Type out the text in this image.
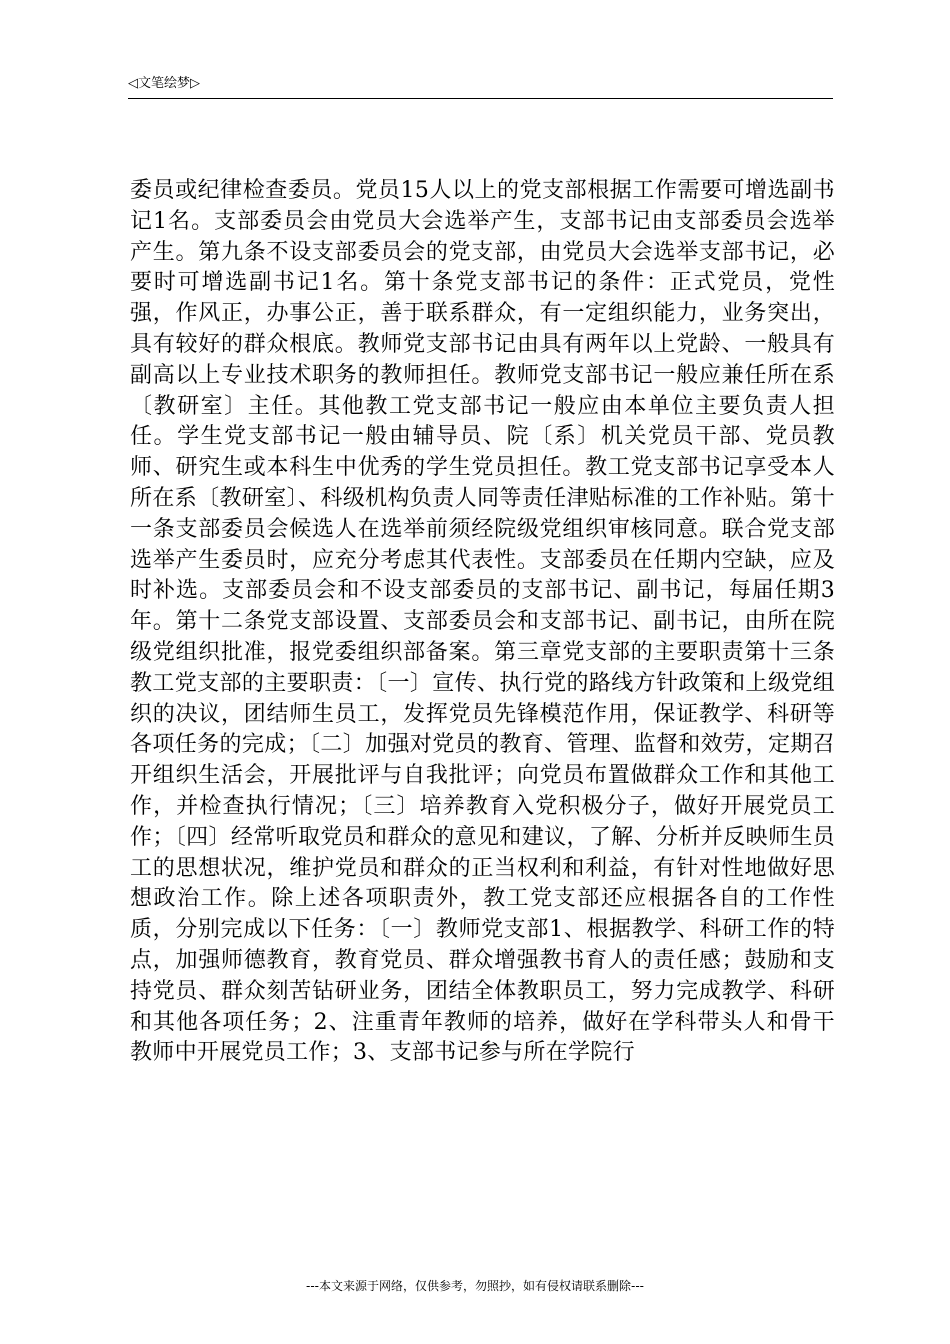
◁文笔绘梦▷

委员或纪律检查委员。党员15人以上的党支部根据工作需要可增选副书记1名。支部委员会由党员大会选举产生，支部书记由支部委员会选举产生。第九条不设支部委员会的党支部，由党员大会选举支部书记，必要时可增选副书记1名。第十条党支部书记的条件：正式党员，党性强，作风正，办事公正，善于联系群众，有一定组织能力，业务突出，具有较好的群众根底。教师党支部书记由具有两年以上党龄、一般具有副高以上专业技术职务的教师担任。教师党支部书记一般应兼任所在系〔教研室〕主任。其他教工党支部书记一般应由本单位主要负责人担任。学生党支部书记一般由辅导员、院〔系〕机关党员干部、党员教师、研究生或本科生中优秀的学生党员担任。教工党支部书记享受本人所在系〔教研室〕、科级机构负责人同等责任津贴标准的工作补贴。第十一条支部委员会候选人在选举前须经院级党组织审核同意。联合党支部选举产生委员时，应充分考虑其代表性。支部委员在任期内空缺，应及时补选。支部委员会和不设支部委员的支部书记、副书记，每届任期3年。第十二条党支部设置、支部委员会和支部书记、副书记，由所在院级党组织批准，报党委组织部备案。第三章党支部的主要职责第十三条教工党支部的主要职责：〔一〕宣传、执行党的路线方针政策和上级党组织的决议，团结师生员工，发挥党员先锋模范作用，保证教学、科研等各项任务的完成；〔二〕加强对党员的教育、管理、监督和效劳，定期召开组织生活会，开展批评与自我批评；向党员布置做群众工作和其他工作，并检查执行情况；〔三〕培养教育入党积极分子，做好开展党员工作；〔四〕经常听取党员和群众的意见和建议，了解、分析并反映师生员工的思想状况，维护党员和群众的正当权利和利益，有针对性地做好思想政治工作。除上述各项职责外，教工党支部还应根据各自的工作性质，分别完成以下任务：〔一〕教师党支部1、根据教学、科研工作的特点，加强师德教育，教育党员、群众增强教书育人的责任感；鼓励和支持党员、群众刻苦钻研业务，团结全体教职员工，努力完成教学、科研和其他各项任务；2、注重青年教师的培养，做好在学科带头人和骨干教师中开展党员工作；3、支部书记参与所在学院行

---本文来源于网络，仅供参考，勿照抄，如有侵权请联系删除---
